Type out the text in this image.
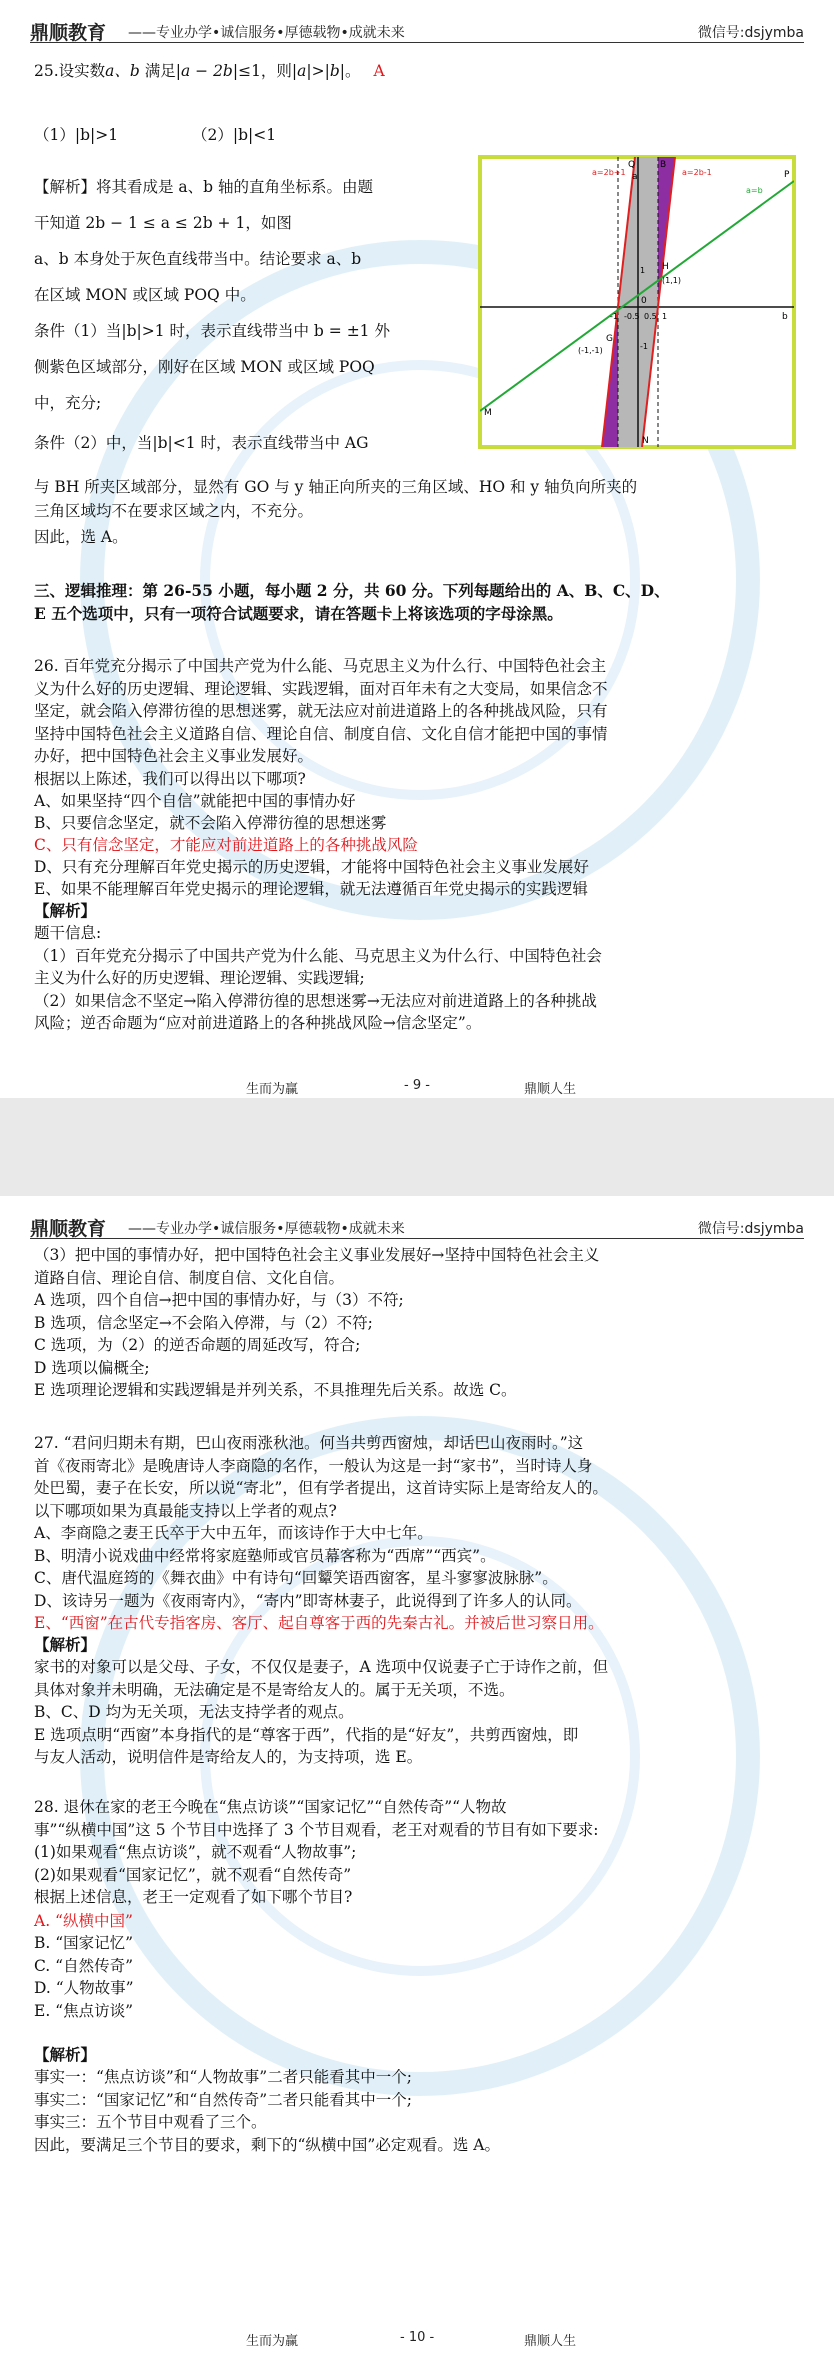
鼎顺教育 ——专业办学•诚信服务•厚德载物•成就未来	微信号:dsjymba
25.设实数a、b 满足|a − 2b|≤1，则|a|>|b|。 A
（1）|b|>1	（2）|b|<1
【解析】将其看成是 a、b 轴的直角坐标系。由题
干知道 2b − 1 ≤ a ≤ 2b + 1，如图
a、b 本身处于灰色直线带当中。结论要求 a、b
在区域 MON 或区域 POQ 中。
条件（1）当|b|>1 时，表示直线带当中 b = ±1 外
侧紫色区域部分，刚好在区域 MON 或区域 POQ
中，充分;
条件（2）中，当|b|<1 时，表示直线带当中 AG
与 BH 所夹区域部分，显然有 GO 与 y 轴正向所夹的三角区域、HO 和 y 轴负向所夹的
三角区域均不在要求区域之内，不充分。
因此，选 A。
Q	B
P
M
N
G
H
0
a
b
a=2b-1
a=2b+1
a=b
(1,1)
(-1,-1)
-1 -0.5 0.5 1
1
-1
三、逻辑推理：第 26-55 小题，每小题 2 分，共 60 分。下列每题给出的 A、B、C、D、
E 五个选项中，只有一项符合试题要求，请在答题卡上将该选项的字母涂黑。
26. 百年党充分揭示了中国共产党为什么能、马克思主义为什么行、中国特色社会主
义为什么好的历史逻辑、理论逻辑、实践逻辑，面对百年未有之大变局，如果信念不
坚定，就会陷入停滞彷徨的思想迷雾，就无法应对前进道路上的各种挑战风险，只有
坚持中国特色社会主义道路自信、理论自信、制度自信、文化自信才能把中国的事情
办好，把中国特色社会主义事业发展好。
根据以上陈述，我们可以得出以下哪项?
A、如果坚持“四个自信”就能把中国的事情办好
B、只要信念坚定，就不会陷入停滞彷徨的思想迷雾
C、只有信念坚定，才能应对前进道路上的各种挑战风险
D、只有充分理解百年党史揭示的历史逻辑，才能将中国特色社会主义事业发展好
E、如果不能理解百年党史揭示的理论逻辑，就无法遵循百年党史揭示的实践逻辑
【解析】
题干信息:
（1）百年党充分揭示了中国共产党为什么能、马克思主义为什么行、中国特色社会
主义为什么好的历史逻辑、理论逻辑、实践逻辑;
（2）如果信念不坚定→陷入停滞彷徨的思想迷雾→无法应对前进道路上的各种挑战
风险；逆否命题为“应对前进道路上的各种挑战风险→信念坚定”。
生而为赢	- 9 -	鼎顺人生
鼎顺教育 ——专业办学•诚信服务•厚德载物•成就未来	微信号:dsjymba
（3）把中国的事情办好，把中国特色社会主义事业发展好→坚持中国特色社会主义
道路自信、理论自信、制度自信、文化自信。
A 选项，四个自信→把中国的事情办好，与（3）不符;
B 选项，信念坚定→不会陷入停滞，与（2）不符;
C 选项，为（2）的逆否命题的周延改写，符合;
D 选项以偏概全;
E 选项理论逻辑和实践逻辑是并列关系，不具推理先后关系。故选 C。
27. “君问归期未有期，巴山夜雨涨秋池。何当共剪西窗烛，却话巴山夜雨时。”这
首《夜雨寄北》是晚唐诗人李商隐的名作，一般认为这是一封“家书”，当时诗人身
处巴蜀，妻子在长安，所以说“寄北”，但有学者提出，这首诗实际上是寄给友人的。
以下哪项如果为真最能支持以上学者的观点?
A、李商隐之妻王氏卒于大中五年，而该诗作于大中七年。
B、明清小说戏曲中经常将家庭塾师或官员幕客称为“西席”“西宾”。
C、唐代温庭筠的《舞衣曲》中有诗句“回颦笑语西窗客，星斗寥寥波脉脉”。
D、该诗另一题为《夜雨寄内》，“寄内”即寄林妻子，此说得到了许多人的认同。
E、“西窗”在古代专指客房、客厅、起自尊客于西的先秦古礼。并被后世习察日用。
【解析】
家书的对象可以是父母、子女，不仅仅是妻子，A 选项中仅说妻子亡于诗作之前，但
具体对象并未明确，无法确定是不是寄给友人的。属于无关项，不选。
B、C、D 均为无关项，无法支持学者的观点。
E 选项点明“西窗”本身指代的是“尊客于西”，代指的是“好友”，共剪西窗烛，即
与友人活动，说明信件是寄给友人的，为支持项，选 E。
28. 退休在家的老王今晚在“焦点访谈”“国家记忆”“自然传奇”“人物故
事”“纵横中国”这 5 个节目中选择了 3 个节目观看，老王对观看的节目有如下要求:
(1)如果观看“焦点访谈”，就不观看“人物故事”;
(2)如果观看“国家记忆”，就不观看“自然传奇”
根据上述信息，老王一定观看了如下哪个节目?
A. “纵横中国”
B. “国家记忆”
C. “自然传奇”
D. “人物故事”
E. “焦点访谈”
【解析】
事实一：“焦点访谈”和“人物故事”二者只能看其中一个;
事实二：“国家记忆”和“自然传奇”二者只能看其中一个;
事实三：五个节目中观看了三个。
因此，要满足三个节目的要求，剩下的“纵横中国”必定观看。选 A。
生而为赢	- 10 -	鼎顺人生
